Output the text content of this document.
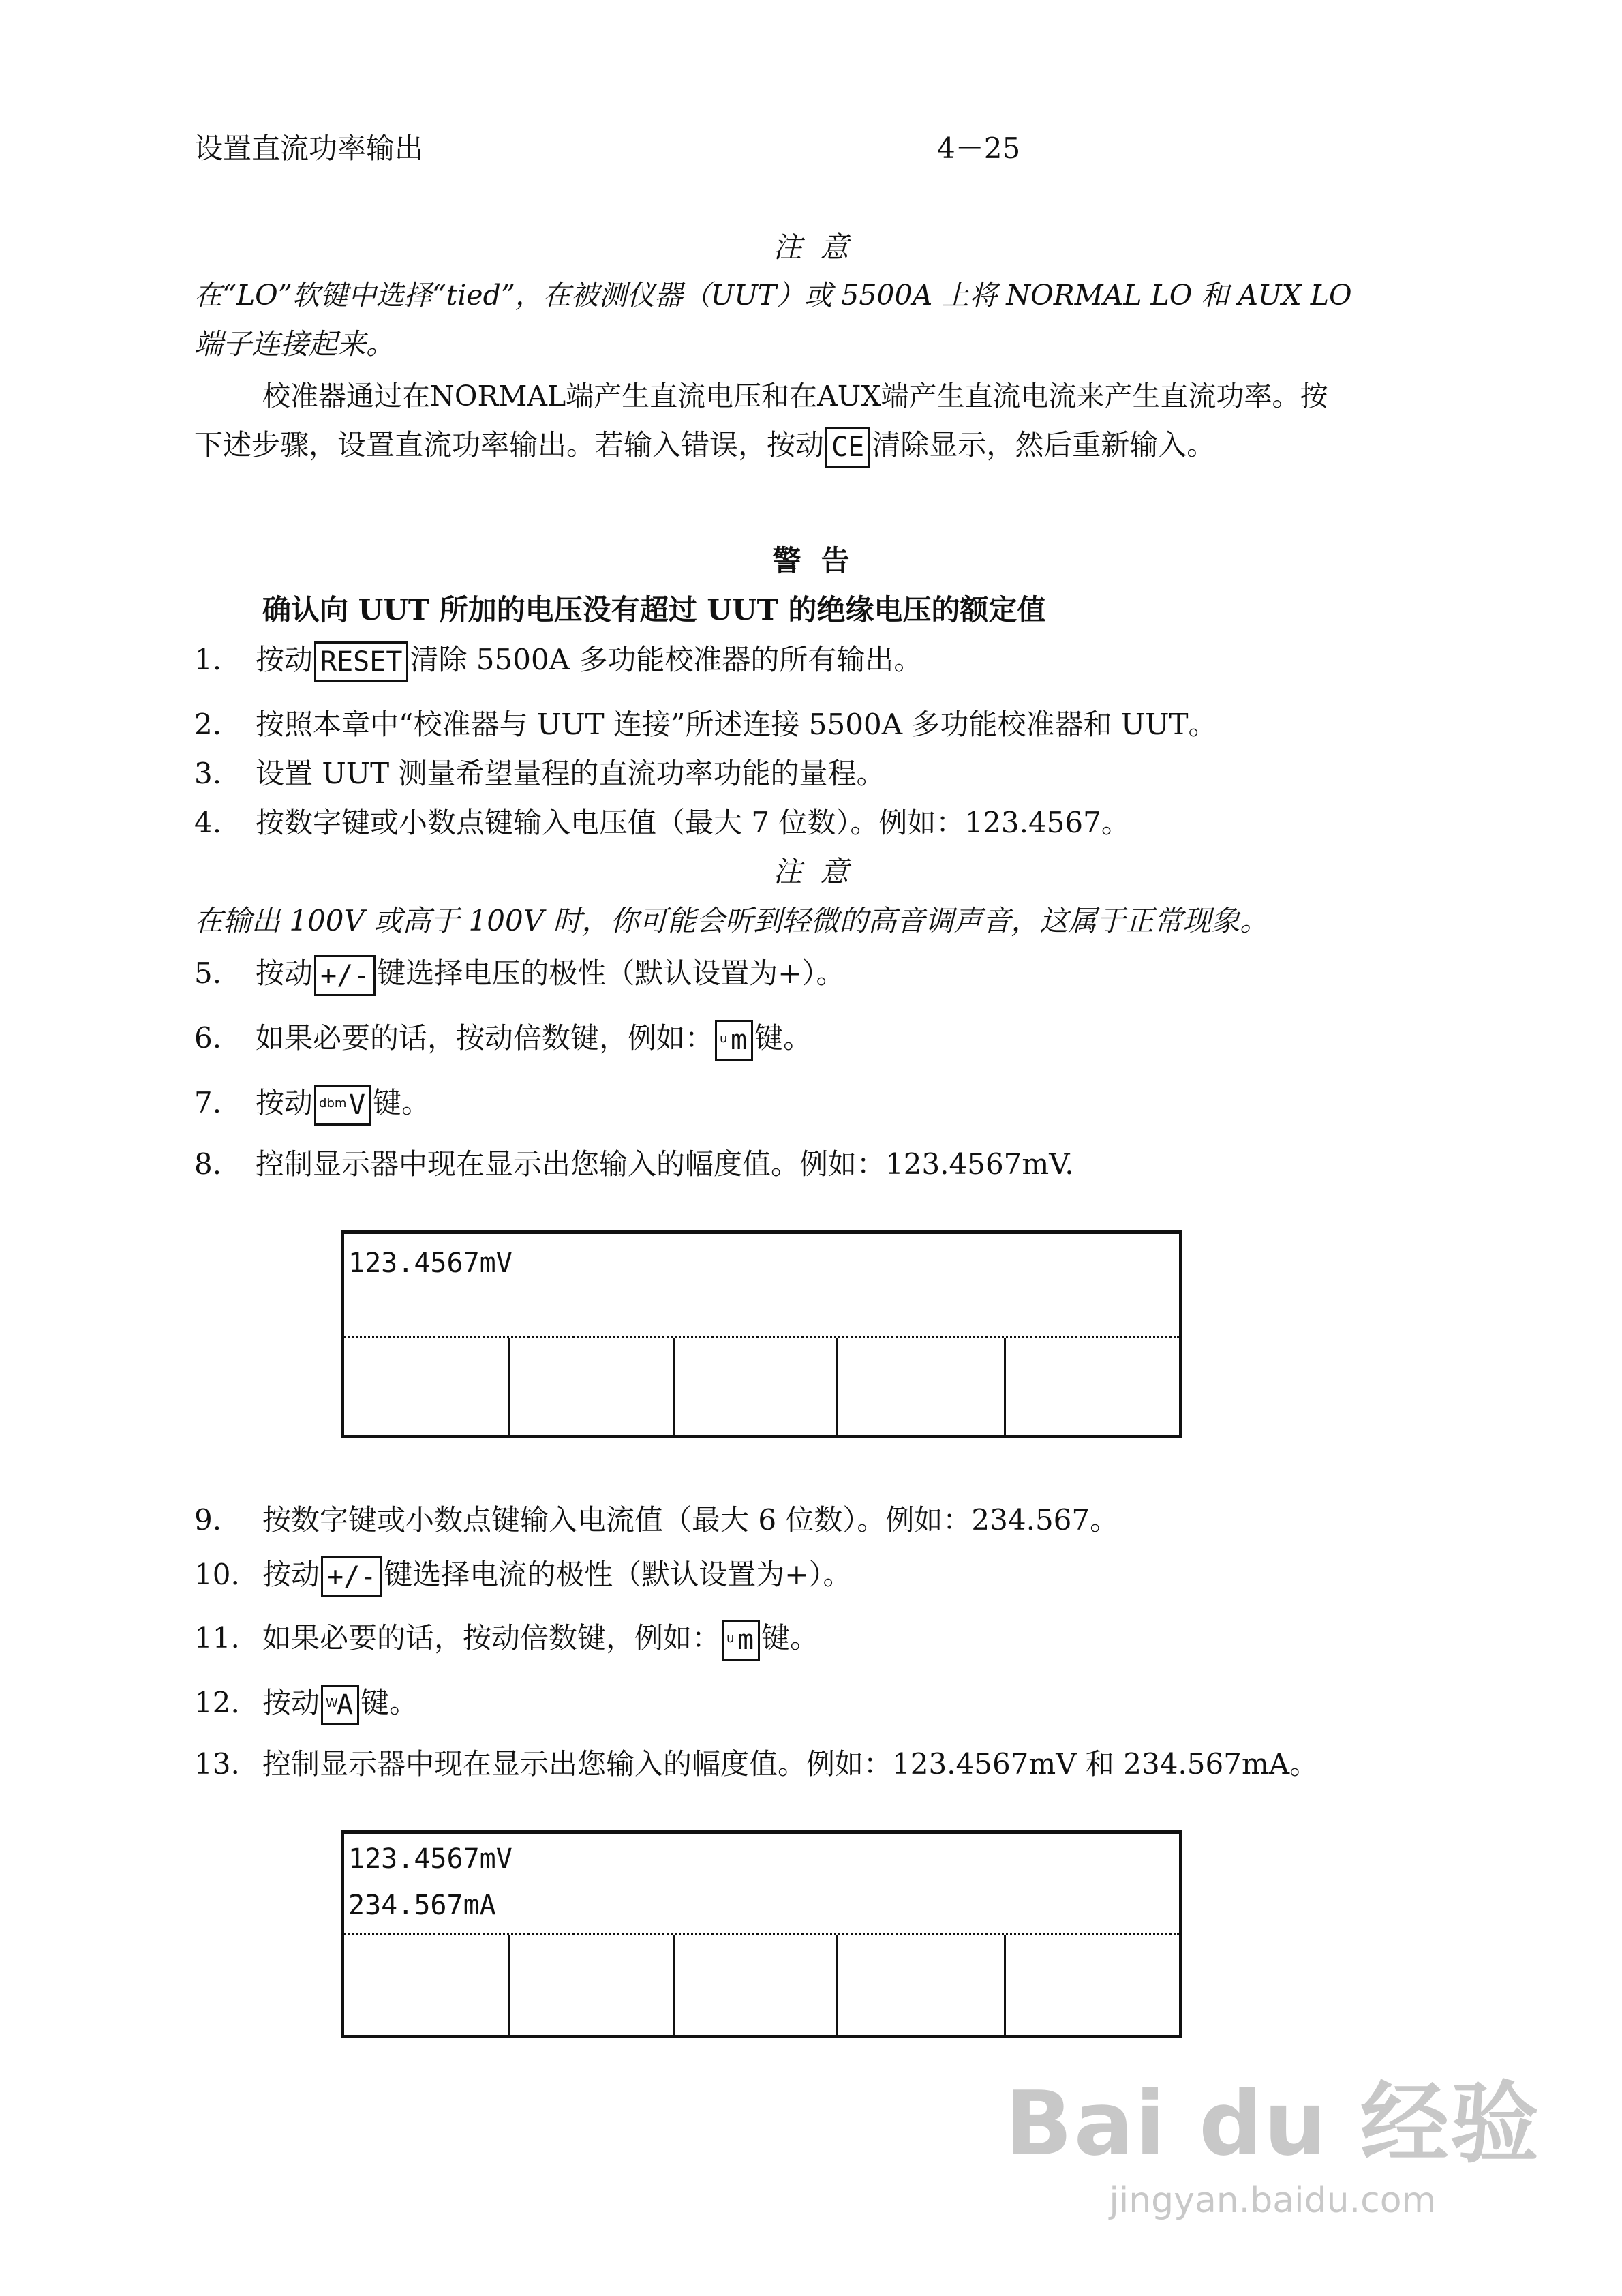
设置直流功率输出	4－25
注  意
在“LO”软键中选择“tied”，在被测仪器（UUT）或 5500A 上将 NORMAL LO 和 AUX LO
端子连接起来。
校准器通过在NORMAL端产生直流电压和在AUX端产生直流电流来产生直流功率。按
下述步骤，设置直流功率输出。若输入错误，按动 CE 清除显示，然后重新输入。
警  告
确认向 UUT 所加的电压没有超过 UUT 的绝缘电压的额定值
1. 按动 RESET 清除 5500A 多功能校准器的所有输出。
2. 按照本章中“校准器与 UUT 连接”所述连接 5500A 多功能校准器和 UUT。
3. 设置 UUT 测量希望量程的直流功率功能的量程。
4. 按数字键或小数点键输入电压值（最大 7 位数）。例如：123.4567。
注  意
在输出 100V 或高于 100V 时，你可能会听到轻微的高音调声音，这属于正常现象。
5. 按动 +/- 键选择电压的极性（默认设置为+）。
6. 如果必要的话，按动倍数键，例如： u m 键。
7. 按动 dbm V 键。
8. 控制显示器中现在显示出您输入的幅度值。例如：123.4567mV.
123.4567mV
9. 按数字键或小数点键输入电流值（最大 6 位数）。例如：234.567。
10. 按动 +/- 键选择电流的极性（默认设置为+）。
11. 如果必要的话，按动倍数键，例如： u m 键。
12. 按动 W
A 键。
13. 控制显示器中现在显示出您输入的幅度值。例如：123.4567mV 和 234.567mA。
123.4567mV
234.567mA
Bai du 经验
jingyan.baidu.com
